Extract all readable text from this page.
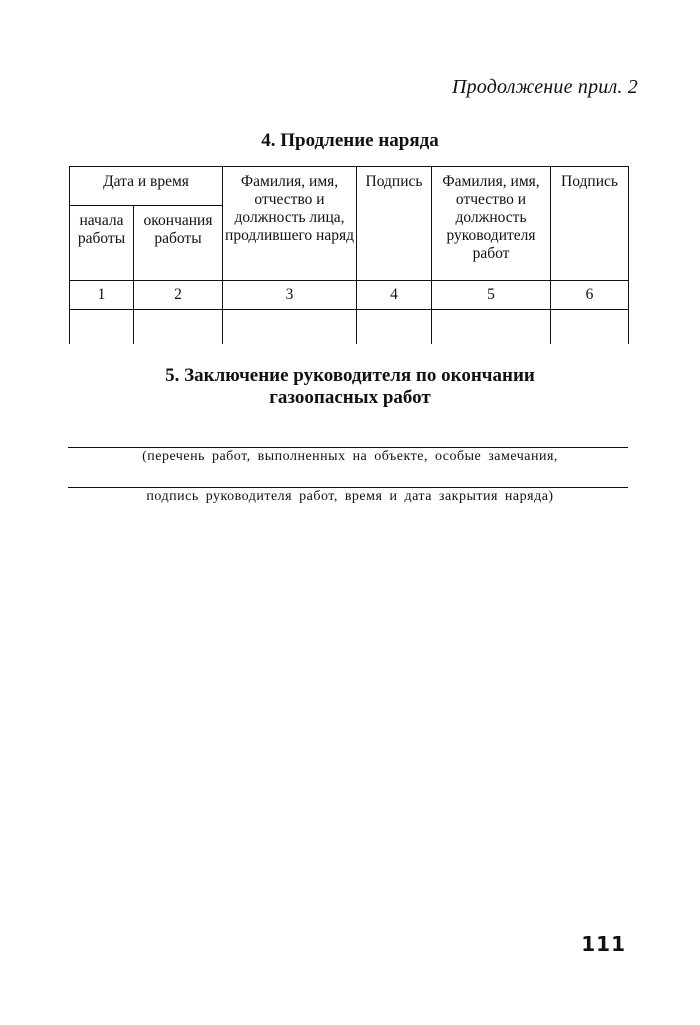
Продолжение прил. 2
4. Продление наряда
Дата и время		Фамилия, имя, отчество и должность лица, продлившего наряд	Подпись	Фамилия, имя, отчество и должность руководителя работ	Подпись
начала работы	окончания работы				
1	2	3	4	5	6

5. Заключение руководителя по окончании
газоопасных работ
(перечень работ, выполненных на объекте, особые замечания,
подпись руководителя работ, время и дата закрытия наряда)
111
